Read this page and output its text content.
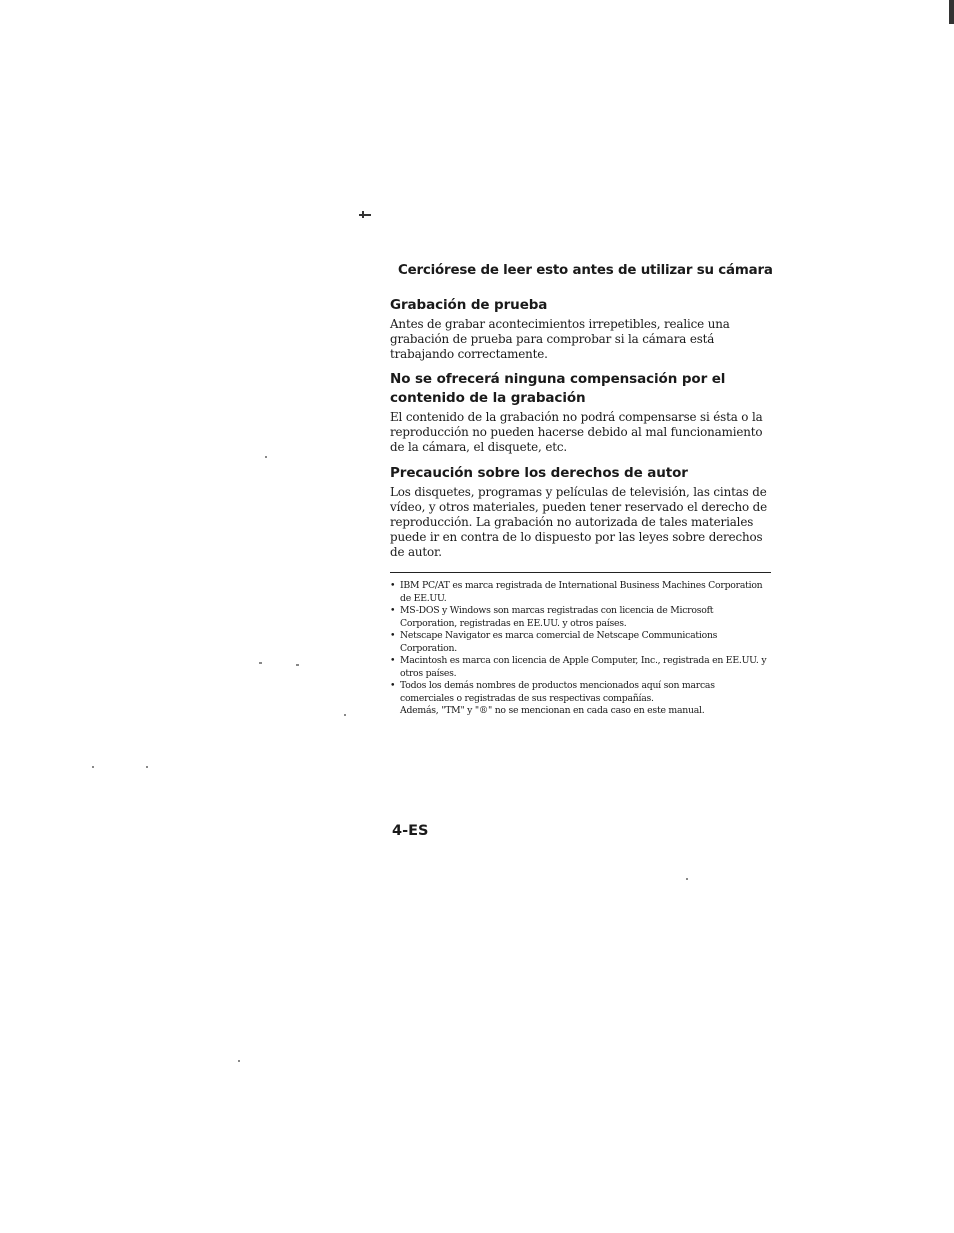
Cerciórese de leer esto antes de utilizar su cámara
Grabación de prueba

Antes de grabar acontecimientos irrepetibles, realice una grabación de prueba para comprobar si la cámara está trabajando correctamente.

No se ofrecerá ninguna compensación por el contenido de la grabación

El contenido de la grabación no podrá compensarse si ésta o la reproducción no pueden hacerse debido al mal funcionamiento de la cámara, el disquete, etc.

Precaución sobre los derechos de autor

Los disquetes, programas y películas de televisión, las cintas de vídeo, y otros materiales, pueden tener reservado el derecho de reproducción. La grabación no autorizada de tales materiales puede ir en contra de lo dispuesto por las leyes sobre derechos de autor.

• IBM PC/AT es marca registrada de International Business Machines Corporation de EE.UU.
• MS-DOS y Windows son marcas registradas con licencia de Microsoft Corporation, registradas en EE.UU. y otros países.
• Netscape Navigator es marca comercial de Netscape Communications Corporation.
• Macintosh es marca con licencia de Apple Computer, Inc., registrada en EE.UU. y otros países.
• Todos los demás nombres de productos mencionados aquí son marcas comerciales o registradas de sus respectivas compañías.
Además, "TM" y "®" no se mencionan en cada caso en este manual.

4-ES
